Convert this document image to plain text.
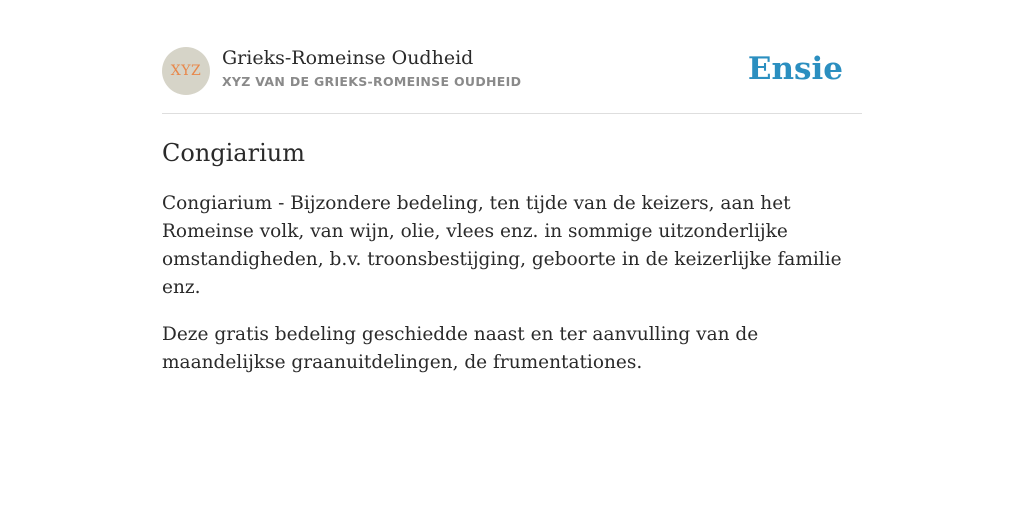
XYZ
Grieks-Romeinse Oudheid
XYZ VAN DE GRIEKS-ROMEINSE OUDHEID	Ensie
Congiarium

Congiarium - Bijzondere bedeling, ten tijde van de keizers, aan het Romeinse volk, van wijn, olie, vlees enz. in sommige uitzonderlijke omstandigheden, b.v. troonsbestijging, geboorte in de keizerlijke familie enz.

Deze gratis bedeling geschiedde naast en ter aanvulling van de maandelijkse graanuitdelingen, de frumentationes.
